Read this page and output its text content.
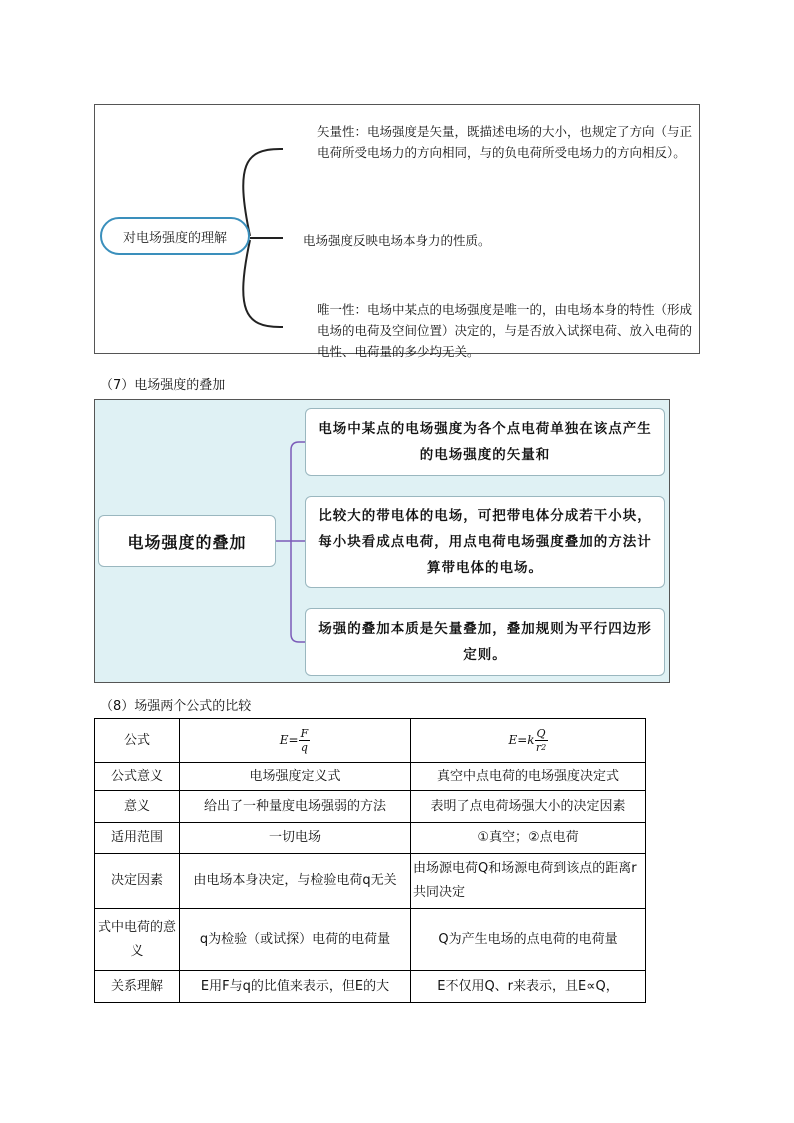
对电场强度的理解
矢量性：电场强度是矢量，既描述电场的大小，也规定了方向（与正电荷所受电场力的方向相同，与的负电荷所受电场力的方向相反）。
电场强度反映电场本身力的性质。
唯一性：电场中某点的电场强度是唯一的，由电场本身的特性（形成电场的电荷及空间位置）决定的，与是否放入试探电荷、放入电荷的电性、电荷量的多少均无关。
（7）电场强度的叠加
电场强度的叠加
电场中某点的电场强度为各个点电荷单独在该点产生的电场强度的矢量和
比较大的带电体的电场，可把带电体分成若干小块，每小块看成点电荷，用点电荷电场强度叠加的方法计算带电体的电场。
场强的叠加本质是矢量叠加，叠加规则为平行四边形定则。
（8）场强两个公式的比较
公式	$E= \frac{F}{q}$	$E=k \frac{Q}{r^2}$

公式意义	电场强度定义式	真空中点电荷的电场强度决定式
意义	给出了一种量度电场强弱的方法	表明了点电荷场强大小的决定因素
适用范围	一切电场	①真空；②点电荷
决定因素	由电场本身决定，与检验电荷q无关	由场源电荷Q和场源电荷到该点的距离r共同决定
式中电荷的意义	q为检验（或试探）电荷的电荷量	Q为产生电场的点电荷的电荷量
关系理解	E用F与q的比值来表示，但E的大	E不仅用Q、r来表示，且E∝Q，
